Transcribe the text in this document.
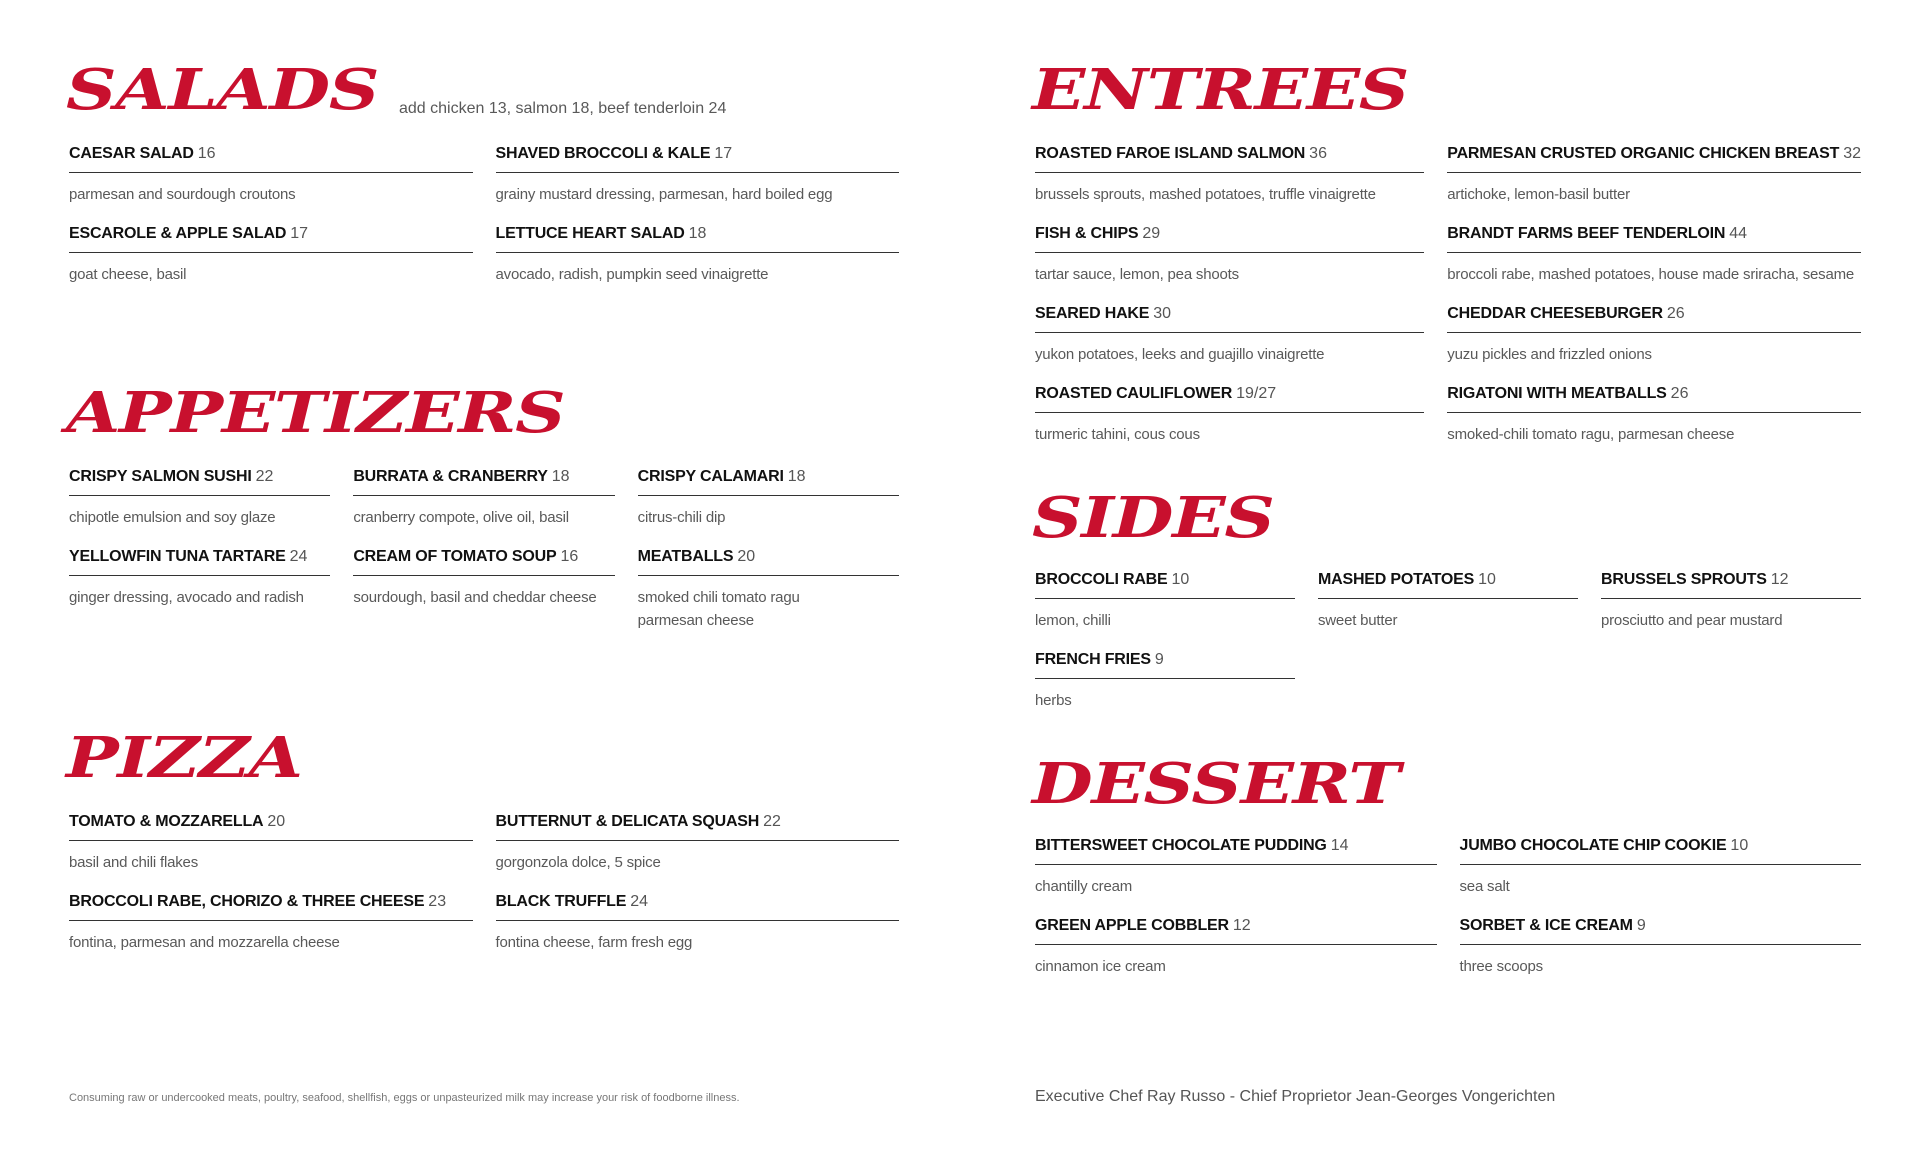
SALADS add chicken 13, salmon 18, beef tenderloin 24
CAESAR SALAD 16
parmesan and sourdough croutons
SHAVED BROCCOLI & KALE 17
grainy mustard dressing, parmesan, hard boiled egg
ESCAROLE & APPLE SALAD 17
goat cheese, basil
LETTUCE HEART SALAD 18
avocado, radish, pumpkin seed vinaigrette
APPETIZERS
CRISPY SALMON SUSHI 22
chipotle emulsion and soy glaze
BURRATA & CRANBERRY 18
cranberry compote, olive oil, basil
CRISPY CALAMARI 18
citrus-chili dip
YELLOWFIN TUNA TARTARE 24
ginger dressing, avocado and radish
CREAM OF TOMATO SOUP 16
sourdough, basil and cheddar cheese
MEATBALLS 20
smoked chili tomato ragu
parmesan cheese
PIZZA
TOMATO & MOZZARELLA 20
basil and chili flakes
BUTTERNUT & DELICATA SQUASH 22
gorgonzola dolce, 5 spice
BROCCOLI RABE, CHORIZO & THREE CHEESE 23
fontina, parmesan and mozzarella cheese
BLACK TRUFFLE 24
fontina cheese, farm fresh egg
ENTREES
ROASTED FAROE ISLAND SALMON 36
brussels sprouts, mashed potatoes, truffle vinaigrette
PARMESAN CRUSTED ORGANIC CHICKEN BREAST 32
artichoke, lemon-basil butter
FISH & CHIPS 29
tartar sauce, lemon, pea shoots
BRANDT FARMS BEEF TENDERLOIN 44
broccoli rabe, mashed potatoes, house made sriracha, sesame
SEARED HAKE 30
yukon potatoes, leeks and guajillo vinaigrette
CHEDDAR CHEESEBURGER 26
yuzu pickles and frizzled onions
ROASTED CAULIFLOWER 19/27
turmeric tahini, cous cous
RIGATONI WITH MEATBALLS 26
smoked-chili tomato ragu, parmesan cheese
SIDES
BROCCOLI RABE 10
lemon, chilli
MASHED POTATOES 10
sweet butter
BRUSSELS SPROUTS 12
prosciutto and pear mustard
FRENCH FRIES 9
herbs
DESSERT
BITTERSWEET CHOCOLATE PUDDING 14
chantilly cream
JUMBO CHOCOLATE CHIP COOKIE 10
sea salt
GREEN APPLE COBBLER 12
cinnamon ice cream
SORBET & ICE CREAM 9
three scoops
Consuming raw or undercooked meats, poultry, seafood, shellfish, eggs or unpasteurized milk may increase your risk of foodborne illness.	Executive Chef Ray Russo - Chief Proprietor Jean-Georges Vongerichten
